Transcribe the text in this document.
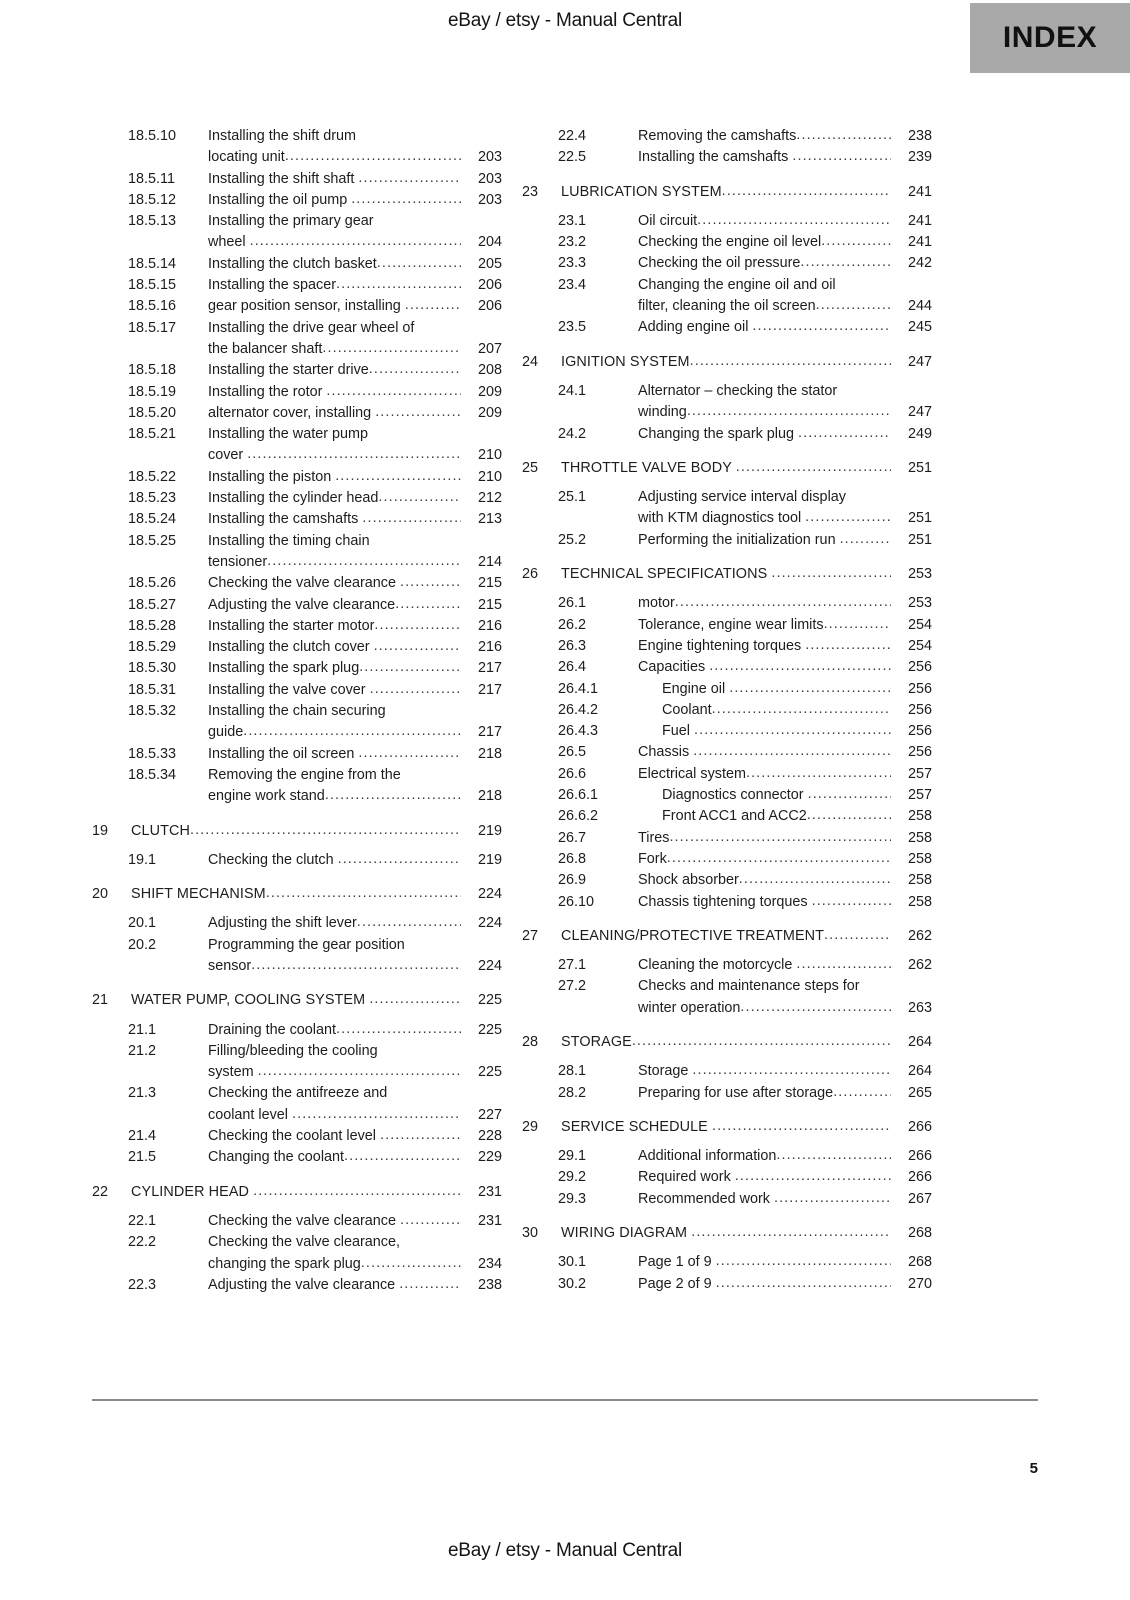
eBay / etsy - Manual Central
INDEX
18.5.10	Installing the shift drum
locating unit .....	203
18.5.11	Installing the shift shaft .....	203
18.5.12	Installing the oil pump .....	203
18.5.13	Installing the primary gear
wheel .....	204
18.5.14	Installing the clutch basket .....	205
18.5.15	Installing the spacer .....	206
18.5.16	gear position sensor, installing .....	206
18.5.17	Installing the drive gear wheel of
the balancer shaft .....	207
18.5.18	Installing the starter drive .....	208
18.5.19	Installing the rotor .....	209
18.5.20	alternator cover, installing .....	209
18.5.21	Installing the water pump
cover .....	210
18.5.22	Installing the piston .....	210
18.5.23	Installing the cylinder head .....	212
18.5.24	Installing the camshafts .....	213
18.5.25	Installing the timing chain
tensioner .....	214
18.5.26	Checking the valve clearance .....	215
18.5.27	Adjusting the valve clearance .....	215
18.5.28	Installing the starter motor .....	216
18.5.29	Installing the clutch cover .....	216
18.5.30	Installing the spark plug .....	217
18.5.31	Installing the valve cover .....	217
18.5.32	Installing the chain securing
guide .....	217
18.5.33	Installing the oil screen .....	218
18.5.34	Removing the engine from the
engine work stand .....	218
19	CLUTCH .....	219
19.1	Checking the clutch .....	219
20	SHIFT MECHANISM .....	224
20.1	Adjusting the shift lever .....	224
20.2	Programming the gear position
sensor .....	224
21	WATER PUMP, COOLING SYSTEM .....	225
21.1	Draining the coolant .....	225
21.2	Filling/bleeding the cooling
system .....	225
21.3	Checking the antifreeze and
coolant level .....	227
21.4	Checking the coolant level .....	228
21.5	Changing the coolant .....	229
22	CYLINDER HEAD .....	231
22.1	Checking the valve clearance .....	231
22.2	Checking the valve clearance,
changing the spark plug .....	234
22.3	Adjusting the valve clearance .....	238
22.4	Removing the camshafts .....	238
22.5	Installing the camshafts .....	239
23	LUBRICATION SYSTEM .....	241
23.1	Oil circuit .....	241
23.2	Checking the engine oil level .....	241
23.3	Checking the oil pressure .....	242
23.4	Changing the engine oil and oil
filter, cleaning the oil screen .....	244
23.5	Adding engine oil .....	245
24	IGNITION SYSTEM .....	247
24.1	Alternator – checking the stator
winding .....	247
24.2	Changing the spark plug .....	249
25	THROTTLE VALVE BODY .....	251
25.1	Adjusting service interval display
with KTM diagnostics tool .....	251
25.2	Performing the initialization run .....	251
26	TECHNICAL SPECIFICATIONS .....	253
26.1	motor .....	253
26.2	Tolerance, engine wear limits .....	254
26.3	Engine tightening torques .....	254
26.4	Capacities .....	256
26.4.1	Engine oil .....	256
26.4.2	Coolant .....	256
26.4.3	Fuel .....	256
26.5	Chassis .....	256
26.6	Electrical system .....	257
26.6.1	Diagnostics connector .....	257
26.6.2	Front ACC1 and ACC2 .....	258
26.7	Tires .....	258
26.8	Fork .....	258
26.9	Shock absorber .....	258
26.10	Chassis tightening torques .....	258
27	CLEANING/PROTECTIVE TREATMENT .....	262
27.1	Cleaning the motorcycle .....	262
27.2	Checks and maintenance steps for
winter operation .....	263
28	STORAGE .....	264
28.1	Storage .....	264
28.2	Preparing for use after storage .....	265
29	SERVICE SCHEDULE .....	266
29.1	Additional information .....	266
29.2	Required work .....	266
29.3	Recommended work .....	267
30	WIRING DIAGRAM .....	268
30.1	Page 1 of 9 .....	268
30.2	Page 2 of 9 .....	270
5
eBay / etsy - Manual Central
